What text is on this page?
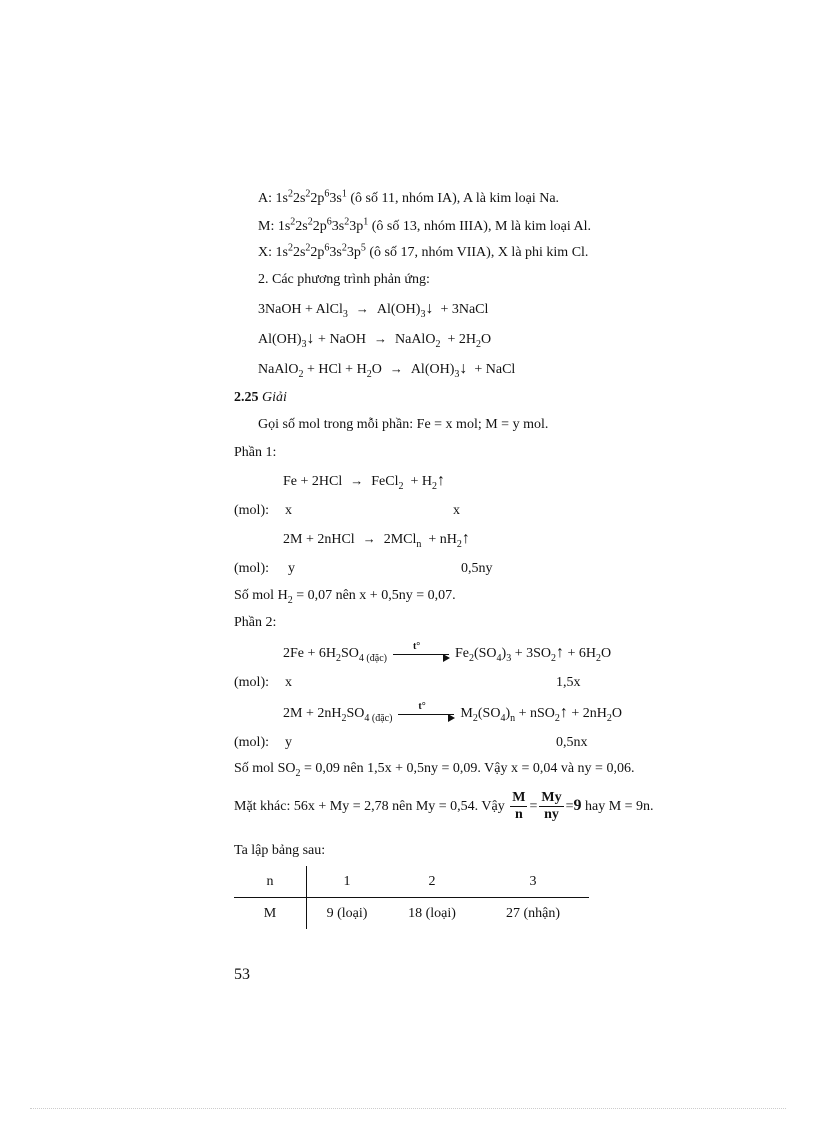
A: $1s^22s^22p^63s^1$ (ô số 11, nhóm IA), A là kim loại Na.
M: $1s^22s^22p^63s^23p^1$ (ô số 13, nhóm IIIA), M là kim loại Al.
X: $1s^22s^22p^63s^23p^5$ (ô số 17, nhóm VIIA), X là phi kim Cl.
2. Các phương trình phản ứng:
3NaOH + AlCl$_3$ → $Al(OH)_3↓$ + 3NaCl
$Al(OH)_3↓$ + NaOH → NaAlO$_2$ + $2H_2O$
NaAlO$_2$ + HCl + $H_2O$ → $Al(OH)_3↓$ + NaCl
2.25 Giải
Gọi số mol trong mỗi phần: Fe = x mol; M = y mol.
Phần 1:
Fe + 2HCl → FeCl$_2$ + $H_2↑$
(mol): x	x
2M + 2nHCl → $2MCl_n + nH_2↑$
(mol): y	0,5ny
Số mol $H_2 = 0,07$ nên x + 0,5ny = 0,07.
Phần 2:
$2Fe + 6H_2SO_{4 (đặc)}$
t° $Fe_2(SO_4)_3$ + $3SO_2↑ + 6H_2O$
(mol): x	1,5x
$2M + 2nH_2SO_{4 (đặc)}$
t° $M_2(SO_4)_n$ + nSO$_2$↑ + $2nH_2O$
(mol): y	0,5nx
Số mol $SO_2 = 0,09$ nên 1,5x + 0,5ny = 0,09. Vậy x = 0,04 và ny = 0,06.
Mặt khác: 56x + My = 2,78 nên My = 0,54. Vậy $\frac{M}{n} = \frac{My}{ny} =9$ hay M = 9n.
Ta lập bảng sau:
n	1	2	3
M	9 (loại)	18 (loại)	27 (nhận)
53
